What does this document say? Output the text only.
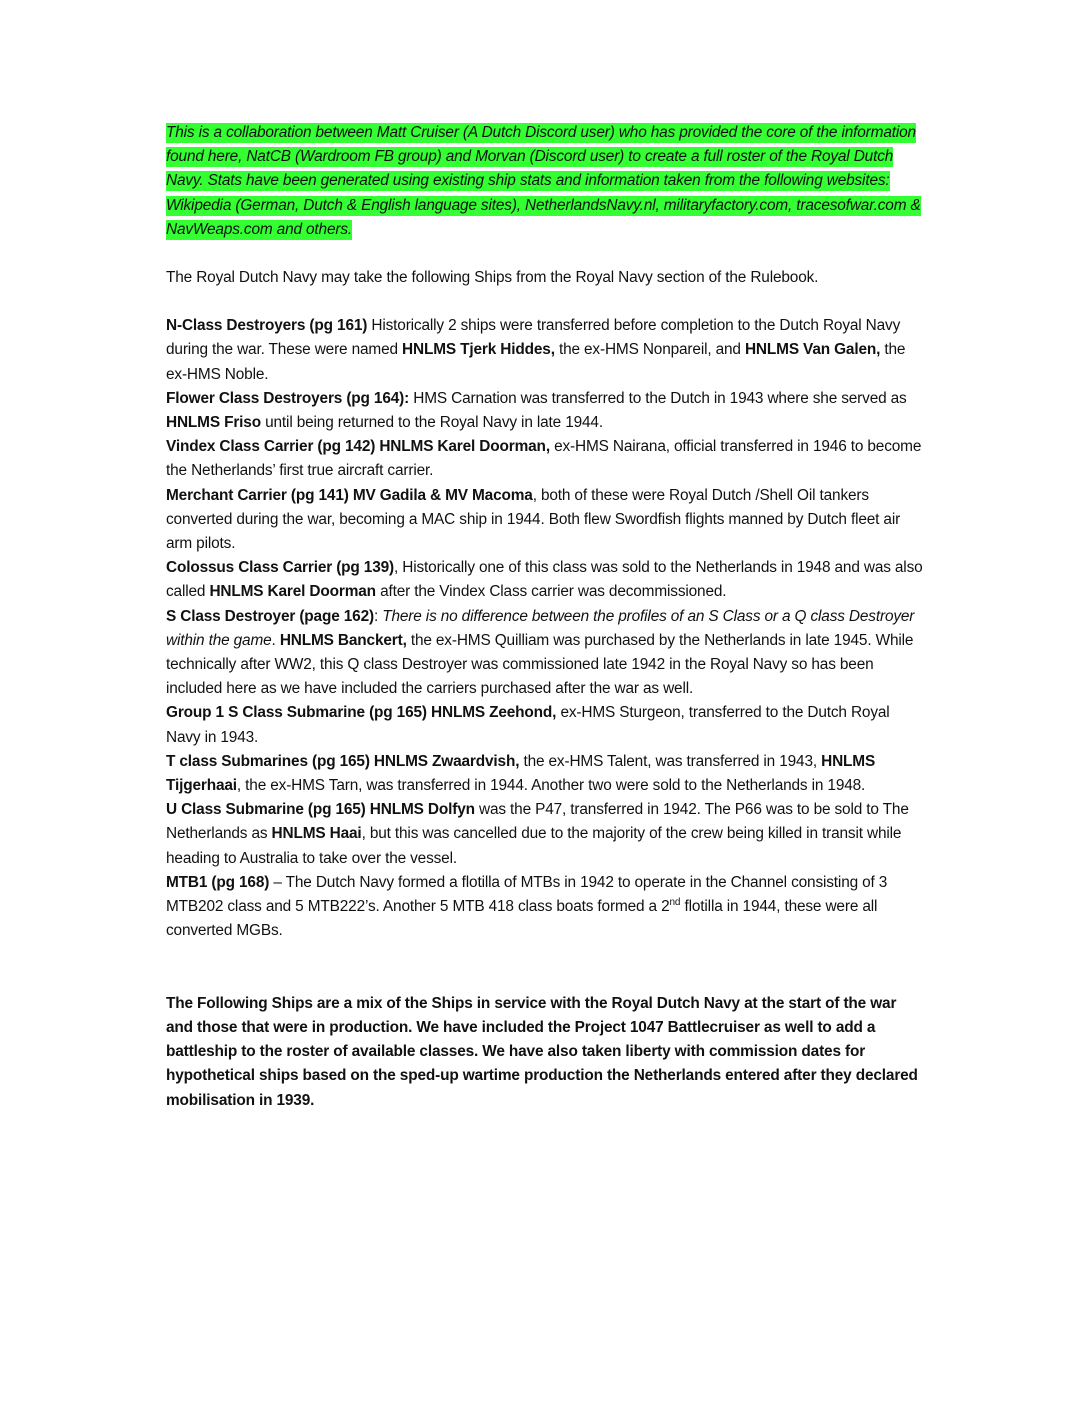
This is a collaboration between Matt Cruiser (A Dutch Discord user) who has provided the core of the information found here, NatCB (Wardroom FB group) and Morvan (Discord user) to create a full roster of the Royal Dutch Navy. Stats have been generated using existing ship stats and information taken from the following websites: Wikipedia (German, Dutch & English language sites), NetherlandsNavy.nl, militaryfactory.com, tracesofwar.com & NavWeaps.com and others.

The Royal Dutch Navy may take the following Ships from the Royal Navy section of the Rulebook.

N-Class Destroyers (pg 161) Historically 2 ships were transferred before completion to the Dutch Royal Navy during the war. These were named HNLMS Tjerk Hiddes, the ex-HMS Nonpareil, and HNLMS Van Galen, the ex-HMS Noble.

Flower Class Destroyers (pg 164): HMS Carnation was transferred to the Dutch in 1943 where she served as HNLMS Friso until being returned to the Royal Navy in late 1944.

Vindex Class Carrier (pg 142) HNLMS Karel Doorman, ex-HMS Nairana, official transferred in 1946 to become the Netherlands’ first true aircraft carrier.

Merchant Carrier (pg 141) MV Gadila & MV Macoma, both of these were Royal Dutch /Shell Oil tankers converted during the war, becoming a MAC ship in 1944. Both flew Swordfish flights manned by Dutch fleet air arm pilots.

Colossus Class Carrier (pg 139), Historically one of this class was sold to the Netherlands in 1948 and was also called HNLMS Karel Doorman after the Vindex Class carrier was decommissioned.

S Class Destroyer (page 162): There is no difference between the profiles of an S Class or a Q class Destroyer within the game. HNLMS Banckert, the ex-HMS Quilliam was purchased by the Netherlands in late 1945. While technically after WW2, this Q class Destroyer was commissioned late 1942 in the Royal Navy so has been included here as we have included the carriers purchased after the war as well.

Group 1 S Class Submarine (pg 165) HNLMS Zeehond, ex-HMS Sturgeon, transferred to the Dutch Royal Navy in 1943.

T class Submarines (pg 165) HNLMS Zwaardvish, the ex-HMS Talent, was transferred in 1943, HNLMS Tijgerhaai, the ex-HMS Tarn, was transferred in 1944. Another two were sold to the Netherlands in 1948.

U Class Submarine (pg 165) HNLMS Dolfyn was the P47, transferred in 1942. The P66 was to be sold to The Netherlands as HNLMS Haai, but this was cancelled due to the majority of the crew being killed in transit while heading to Australia to take over the vessel.

MTB1 (pg 168) – The Dutch Navy formed a flotilla of MTBs in 1942 to operate in the Channel consisting of 3 MTB202 class and 5 MTB222’s. Another 5 MTB 418 class boats formed a 2nd flotilla in 1944, these were all converted MGBs.

The Following Ships are a mix of the Ships in service with the Royal Dutch Navy at the start of the war and those that were in production. We have included the Project 1047 Battlecruiser as well to add a battleship to the roster of available classes. We have also taken liberty with commission dates for hypothetical ships based on the sped-up wartime production the Netherlands entered after they declared mobilisation in 1939.
